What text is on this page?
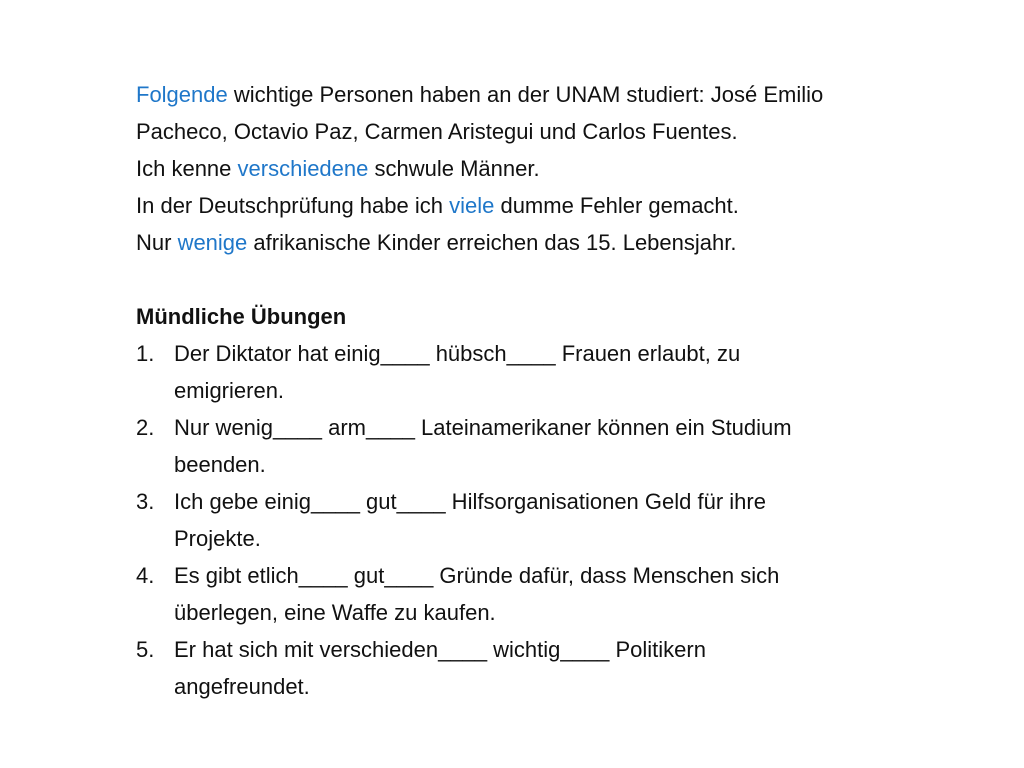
Folgende wichtige Personen haben an der UNAM studiert: José Emilio
Pacheco, Octavio Paz, Carmen Aristegui und Carlos Fuentes.
Ich kenne verschiedene schwule Männer.
In der Deutschprüfung habe ich viele dumme Fehler gemacht.
Nur wenige afrikanische Kinder erreichen das 15. Lebensjahr.
Mündliche Übungen
1. Der Diktator hat einig____ hübsch____ Frauen erlaubt, zu
emigrieren.
2. Nur wenig____ arm____ Lateinamerikaner können ein Studium
beenden.
3. Ich gebe einig____ gut____ Hilfsorganisationen Geld für ihre
Projekte.
4. Es gibt etlich____ gut____ Gründe dafür, dass Menschen sich
überlegen, eine Waffe zu kaufen.
5. Er hat sich mit verschieden____ wichtig____ Politikern
angefreundet.
